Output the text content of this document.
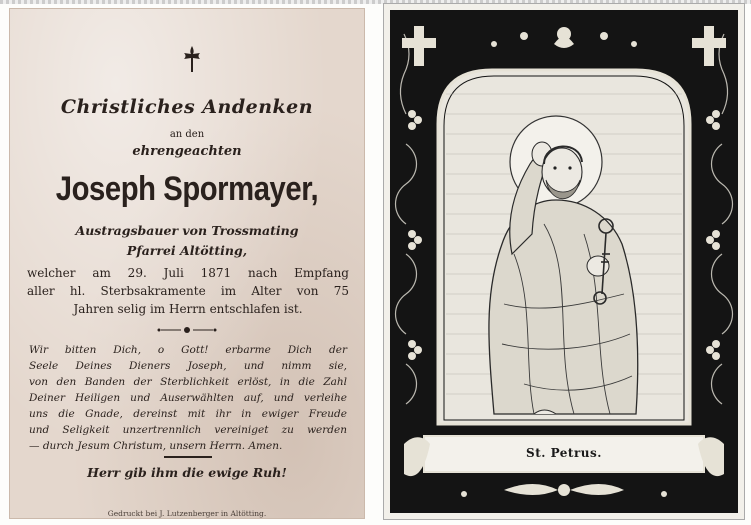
Christliches Andenken
an den
ehrengeachten
Joseph Spormayer,
Austragsbauer von Trossmating
Pfarrei Altötting,
welcher am 29. Juli 1871 nach Empfang
aller hl. Sterbsakramente im Alter von 75
Jahren selig im Herrn entschlafen ist.
Wir bitten Dich, o Gott! erbarme Dich der
Seele Deines Dieners Joseph, und nimm sie,
von den Banden der Sterblichkeit erlöst, in die Zahl
Deiner Heiligen und Auserwählten auf, und verleihe
uns die Gnade, dereinst mit ihr in ewiger Freude
und Seligkeit unzertrennlich vereiniget zu werden
— durch Jesum Christum, unsern Herrn. Amen.
Herr gib ihm die ewige Ruh!
Gedruckt bei J. Lutzenberger in Altötting.
St. Petrus.
